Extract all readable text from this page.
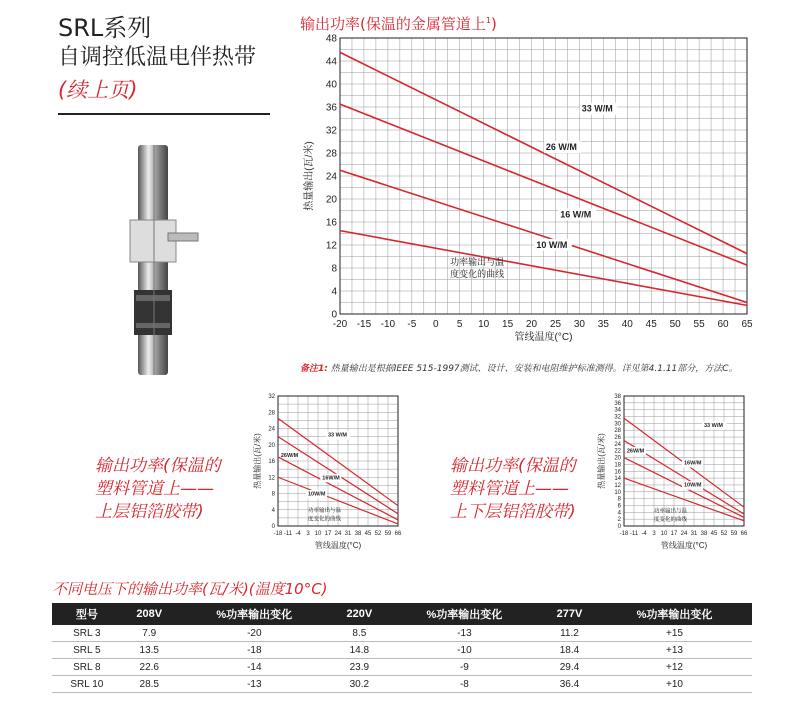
SRL系列
自调控低温电伴热带
(续上页)
输出功率(保温的金属管道上$^1$)
-20 -15 -10 -5 0 5 10 15 20 25 30 35 40 45 50 55 60 65
0
4
8
12
16
20
24
28
32
36
40
44
48
管线温度(°C)
热量输出(瓦/米)
33 W/M
26 W/M
16 W/M
10 W/M
功率输出与温
度变化的曲线
备注1: 热量输出是根据IEEE 515-1997测试、设计、安装和电阻维护标准测得。详见第4.1.11部分，方法C。
输出功率(保温的
塑料管道上——
上层铝箔胶带)
-18 -11 -4 3 10 17 24 31 38 45 52 59 66
0
4
8
12
16
20
24
28
32
管线温度(°C)
热量输出(瓦/米)	33 W/M
26W/M
16W/M
10W/M
功率输出与温
度变化的曲线
输出功率(保温的
塑料管道上——
上下层铝箔胶带)
-18 -11 -4 3 10 17 24 31 38 45 52 59 66
0
2
4
6
8
10
12
14
16
18
20
22
24
26
28
30
32
34
36
38
管线温度(°C)
热量输出(瓦/米)
33 W/M
26W/M
16W/M
10W/M
功率输出与温
度变化的曲线
不同电压下的输出功率(瓦/米)(温度10°C)
型号	208V	%功率输出变化	220V	%功率输出变化	277V	%功率输出变化
SRL 3	7.9	-20	8.5	-13	11.2	+15
SRL 5	13.5	-18	14.8	-10	18.4	+13
SRL 8	22.6	-14	23.9	-9	29.4	+12
SRL 10	28.5	-13	30.2	-8	36.4	+10
